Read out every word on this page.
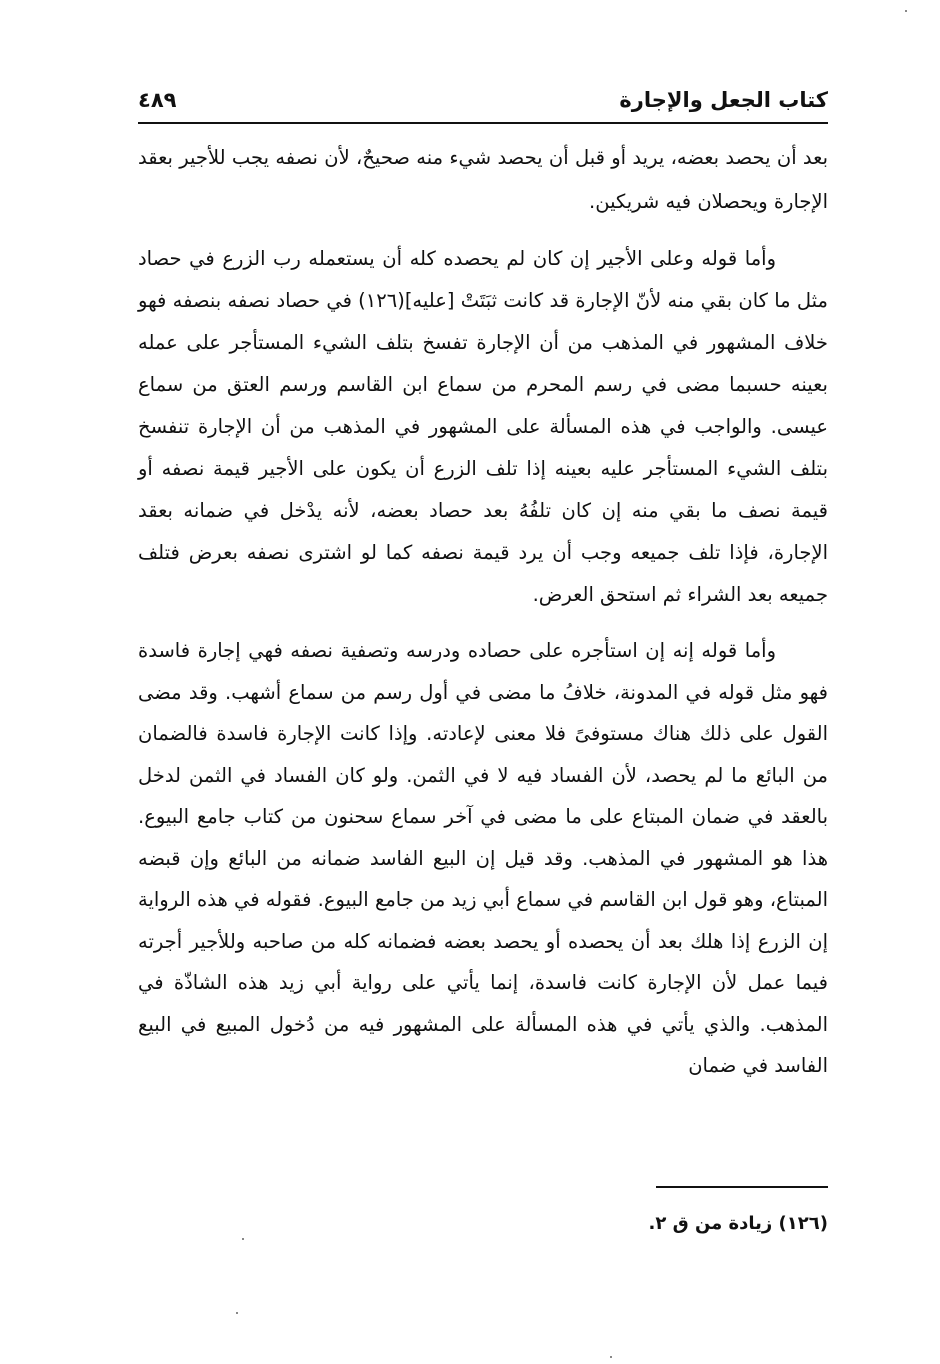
كتاب الجعل والإجارة
٤٨٩

بعد أن يحصد بعضه، يريد أو قبل أن يحصد شيء منه صحيحٌ، لأن نصفه يجب للأجير بعقد الإجارة ويحصلان فيه شريكين.

وأما قوله وعلى الأجير إن كان لم يحصده كله أن يستعمله رب الزرع في حصاد مثل ما كان بقي منه لأنّ الإجارة قد كانت ثبَتَتْ [عليه](١٢٦) في حصاد نصفه بنصفه فهو خلاف المشهور في المذهب من أن الإجارة تفسخ بتلف الشيء المستأجر على عمله بعينه حسبما مضى في رسم المحرم من سماع ابن القاسم ورسم العتق من سماع عيسى. والواجب في هذه المسألة على المشهور في المذهب من أن الإجارة تنفسخ بتلف الشيء المستأجر عليه بعينه إذا تلف الزرع أن يكون على الأجير قيمة نصفه أو قيمة نصف ما بقي منه إن كان تلفُهُ بعد حصاد بعضه، لأنه يدْخل في ضمانه بعقد الإجارة، فإذا تلف جميعه وجب أن يرد قيمة نصفه كما لو اشترى نصفه بعرض فتلف جميعه بعد الشراء ثم استحق العرض.

وأما قوله إنه إن استأجره على حصاده ودرسه وتصفية نصفه فهي إجارة فاسدة فهو مثل قوله في المدونة، خلافُ ما مضى في أول رسم من سماع أشهب. وقد مضى القول على ذلك هناك مستوفىً فلا معنى لإعادته. وإذا كانت الإجارة فاسدة فالضمان من البائع ما لم يحصد، لأن الفساد فيه لا في الثمن. ولو كان الفساد في الثمن لدخل بالعقد في ضمان المبتاع على ما مضى في آخر سماع سحنون من كتاب جامع البيوع. هذا هو المشهور في المذهب. وقد قيل إن البيع الفاسد ضمانه من البائع وإن قبضه المبتاع، وهو قول ابن القاسم في سماع أبي زيد من جامع البيوع. فقوله في هذه الرواية إن الزرع إذا هلك بعد أن يحصده أو يحصد بعضه فضمانه كله من صاحبه وللأجير أجرته فيما عمل لأن الإجارة كانت فاسدة، إنما يأتي على رواية أبي زيد هذه الشاذّة في المذهب. والذي يأتي في هذه المسألة على المشهور فيه من دُخول المبيع في البيع الفاسد في ضمان

(١٢٦) زيادة من ق ٢.
